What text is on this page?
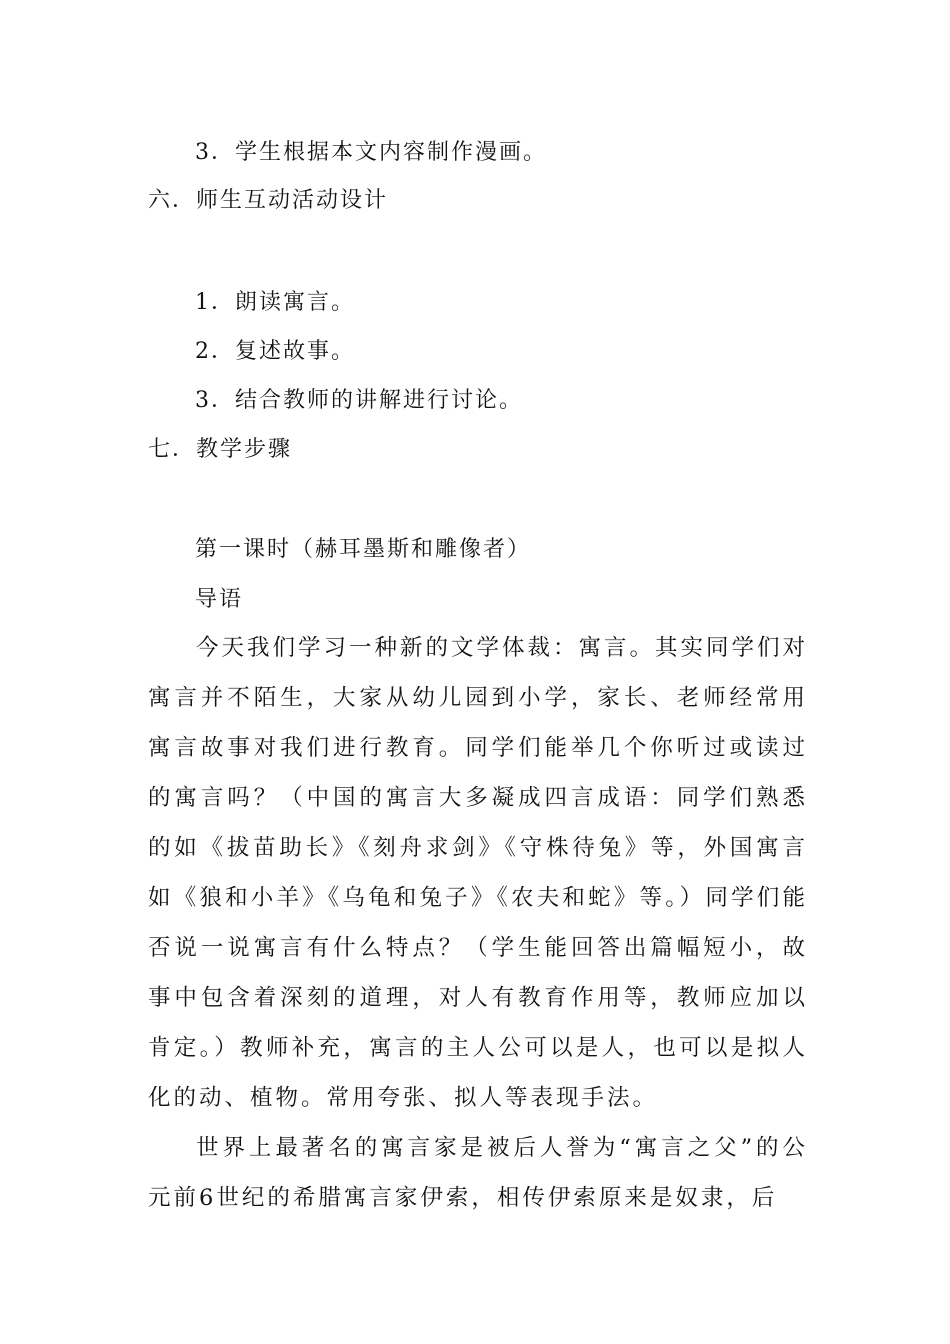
3．学生根据本文内容制作漫画。
六．师生互动活动设计
1．朗读寓言。
2．复述故事。
3．结合教师的讲解进行讨论。
七．教学步骤
第一课时（赫耳墨斯和雕像者）
导语
今天我们学习一种新的文学体裁：寓言。其实同学们对寓言并不陌生，大家从幼儿园到小学，家长、老师经常用寓言故事对我们进行教育。同学们能举几个你听过或读过的寓言吗？（中国的寓言大多凝成四言成语：同学们熟悉的如《拔苗助长》《刻舟求剑》《守株待兔》等，外国寓言如《狼和小羊》《乌龟和兔子》《农夫和蛇》等。）同学们能否说一说寓言有什么特点？（学生能回答出篇幅短小，故事中包含着深刻的道理，对人有教育作用等，教师应加以肯定。）教师补充，寓言的主人公可以是人，也可以是拟人化的动、植物。常用夸张、拟人等表现手法。
世界上最著名的寓言家是被后人誉为“寓言之父”的公元前6世纪的希腊寓言家伊索，相传伊索原来是奴隶，后
